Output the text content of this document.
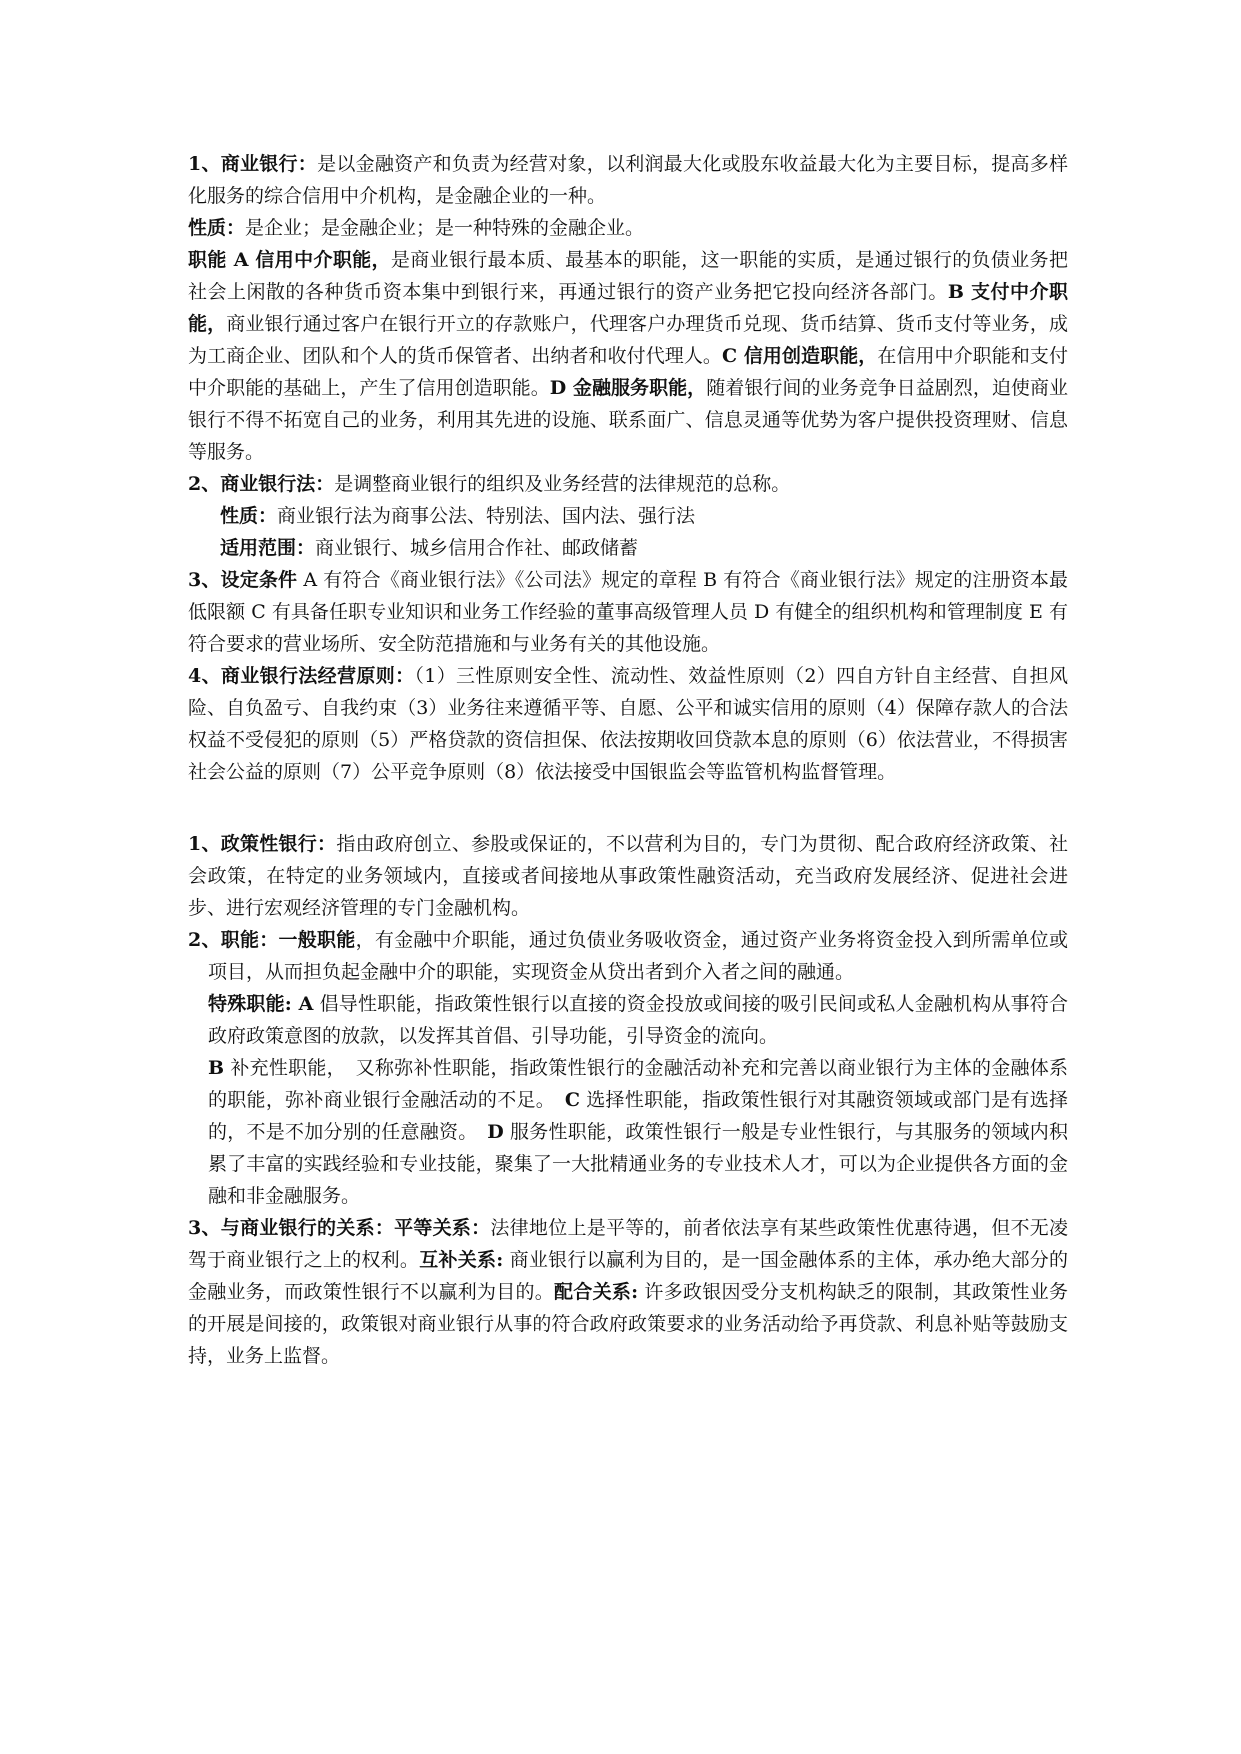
1、商业银行：是以金融资产和负责为经营对象，以利润最大化或股东收益最大化为主要目标，提高多样化服务的综合信用中介机构，是金融企业的一种。

性质：是企业；是金融企业；是一种特殊的金融企业。

职能 A 信用中介职能，是商业银行最本质、最基本的职能，这一职能的实质，是通过银行的负债业务把社会上闲散的各种货币资本集中到银行来，再通过银行的资产业务把它投向经济各部门。B 支付中介职能，商业银行通过客户在银行开立的存款账户，代理客户办理货币兑现、货币结算、货币支付等业务，成为工商企业、团队和个人的货币保管者、出纳者和收付代理人。C 信用创造职能，在信用中介职能和支付中介职能的基础上，产生了信用创造职能。D 金融服务职能，随着银行间的业务竞争日益剧烈，迫使商业银行不得不拓宽自己的业务，利用其先进的设施、联系面广、信息灵通等优势为客户提供投资理财、信息等服务。

2、商业银行法：是调整商业银行的组织及业务经营的法律规范的总称。

性质：商业银行法为商事公法、特别法、国内法、强行法

适用范围：商业银行、城乡信用合作社、邮政储蓄

3、设定条件 A 有符合《商业银行法》《公司法》规定的章程 B 有符合《商业银行法》规定的注册资本最低限额 C 有具备任职专业知识和业务工作经验的董事高级管理人员 D 有健全的组织机构和管理制度 E 有符合要求的营业场所、安全防范措施和与业务有关的其他设施。

4、商业银行法经营原则：（1）三性原则安全性、流动性、效益性原则（2）四自方针自主经营、自担风险、自负盈亏、自我约束（3）业务往来遵循平等、自愿、公平和诚实信用的原则（4）保障存款人的合法权益不受侵犯的原则（5）严格贷款的资信担保、依法按期收回贷款本息的原则（6）依法营业，不得损害社会公益的原则（7）公平竞争原则（8）依法接受中国银监会等监管机构监督管理。

1、政策性银行：指由政府创立、参股或保证的，不以营利为目的，专门为贯彻、配合政府经济政策、社会政策，在特定的业务领域内，直接或者间接地从事政策性融资活动，充当政府发展经济、促进社会进步、进行宏观经济管理的专门金融机构。

2、职能：一般职能，有金融中介职能，通过负债业务吸收资金，通过资产业务将资金投入到所需单位或项目，从而担负起金融中介的职能，实现资金从贷出者到介入者之间的融通。

特殊职能: A 倡导性职能，指政策性银行以直接的资金投放或间接的吸引民间或私人金融机构从事符合政府政策意图的放款，以发挥其首倡、引导功能，引导资金的流向。

B 补充性职能，　又称弥补性职能，指政策性银行的金融活动补充和完善以商业银行为主体的金融体系的职能，弥补商业银行金融活动的不足。　C 选择性职能，指政策性银行对其融资领域或部门是有选择的，不是不加分别的任意融资。　D 服务性职能，政策性银行一般是专业性银行，与其服务的领域内积累了丰富的实践经验和专业技能，聚集了一大批精通业务的专业技术人才，可以为企业提供各方面的金融和非金融服务。

3、与商业银行的关系：平等关系：法律地位上是平等的，前者依法享有某些政策性优惠待遇，但不无凌驾于商业银行之上的权利。互补关系: 商业银行以赢利为目的，是一国金融体系的主体，承办绝大部分的金融业务，而政策性银行不以赢利为目的。配合关系: 许多政银因受分支机构缺乏的限制，其政策性业务的开展是间接的，政策银对商业银行从事的符合政府政策要求的业务活动给予再贷款、利息补贴等鼓励支持，业务上监督。
